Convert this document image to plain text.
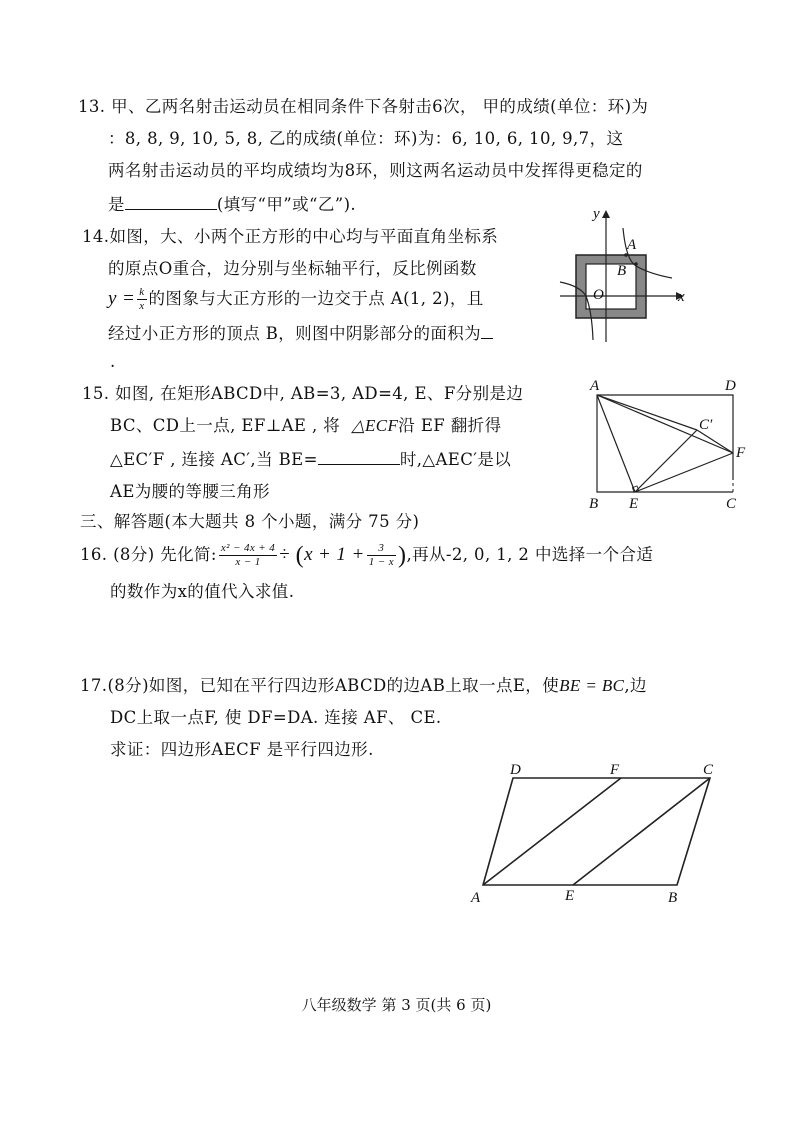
13. 甲、乙两名射击运动员在相同条件下各射击6次， 甲的成绩(单位：环)为
：8, 8, 9, 10, 5, 8, 乙的成绩(单位：环)为：6, 10, 6, 10, 9,7，这
两名射击运动员的平均成绩均为8环，则这两名运动员中发挥得更稳定的
是	(填写“甲”或“乙”).
14.如图，大、小两个正方形的中心均与平面直角坐标系
的原点O重合，边分别与坐标轴平行，反比例函数
$y = \frac{k}{x}$ 的图象与大正方形的一边交于点 A(1, 2)，且
经过小正方形的顶点 B，则图中阴影部分的面积为
.
y
x
O
A
B
15. 如图, 在矩形ABCD中, AB=3, AD=4, E、F分别是边
BC、CD上一点, EF⊥AE , 将 △ECF沿 EF 翻折得
△EC′F , 连接 AC′,当 BE=	时,△AEC′是以
AE为腰的等腰三角形
A	D
B E	C
F
C′
三、解答题(本大题共 8 个小题，满分 75 分)
16. (8分) 先化简: $\frac{\text{x² − 4x + 4}}{x - 1} \div (x + 1 + \frac{3}{1 - x}$ ),再从-2, 0, 1, 2 中选择一个合适
的数作为x的值代入求值.
17.(8分)如图，已知在平行四边形ABCD的边AB上取一点E，使BE = BC,边
DC上取一点F, 使 DF=DA. 连接 AF、 CE.
求证：四边形AECF 是平行四边形.
D	F	C
A	E	B
八年级数学 第 3 页(共 6 页)
